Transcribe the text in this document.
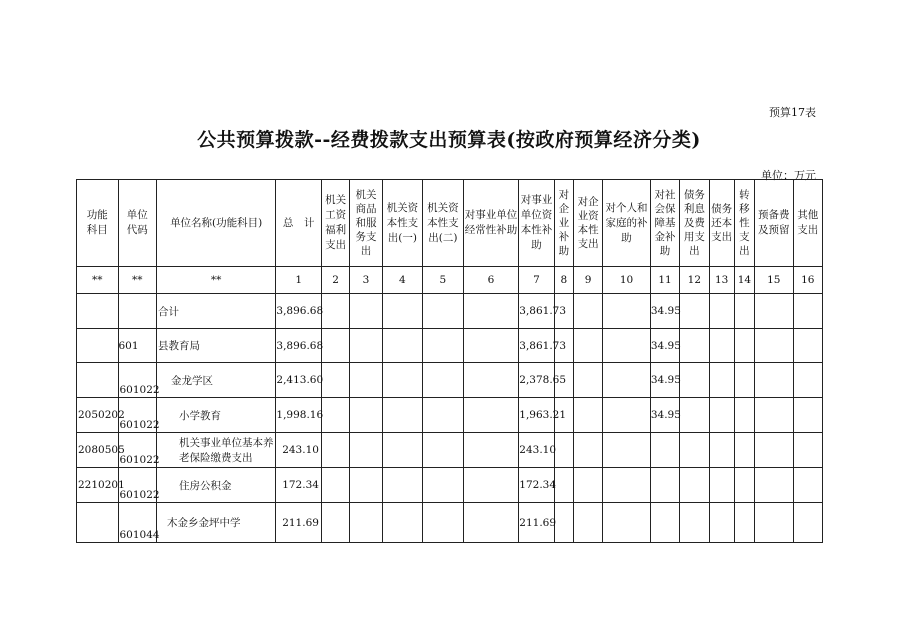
预算17表
公共预算拨款--经费拨款支出预算表(按政府预算经济分类)
单位：万元
功能科目	单位代码	单位名称(功能科目)	总　计	机关工资福利支出	机关商品和服务支出	机关资本性支出(一)	机关资本性支出(二)	对事业单位经常性补助	对事业单位资本性补助	对企业补助	对企业资本性支出	对个人和家庭的补助	对社会保障基金补助	债务利息及费用支出	债务还本支出	转移性支出	预备费及预留	其他支出
**	**	**	1	2	3	4	5	6	7	8	9	10	11	12	13	14	15	16
		合计	3,896.68						3,861.73				34.95					
	601	县教育局	3,896.68						3,861.73				34.95					
	601022	金龙学区	2,413.60						2,378.65				34.95					
2050202	601022	小学教育	1,998.16						1,963.21				34.95					
2080505	601022	机关事业单位基本养老保险缴费支出	243.10						243.10									
2210201	601022	住房公积金	172.34						172.34									
	601044	木金乡金坪中学	211.69						211.69									
